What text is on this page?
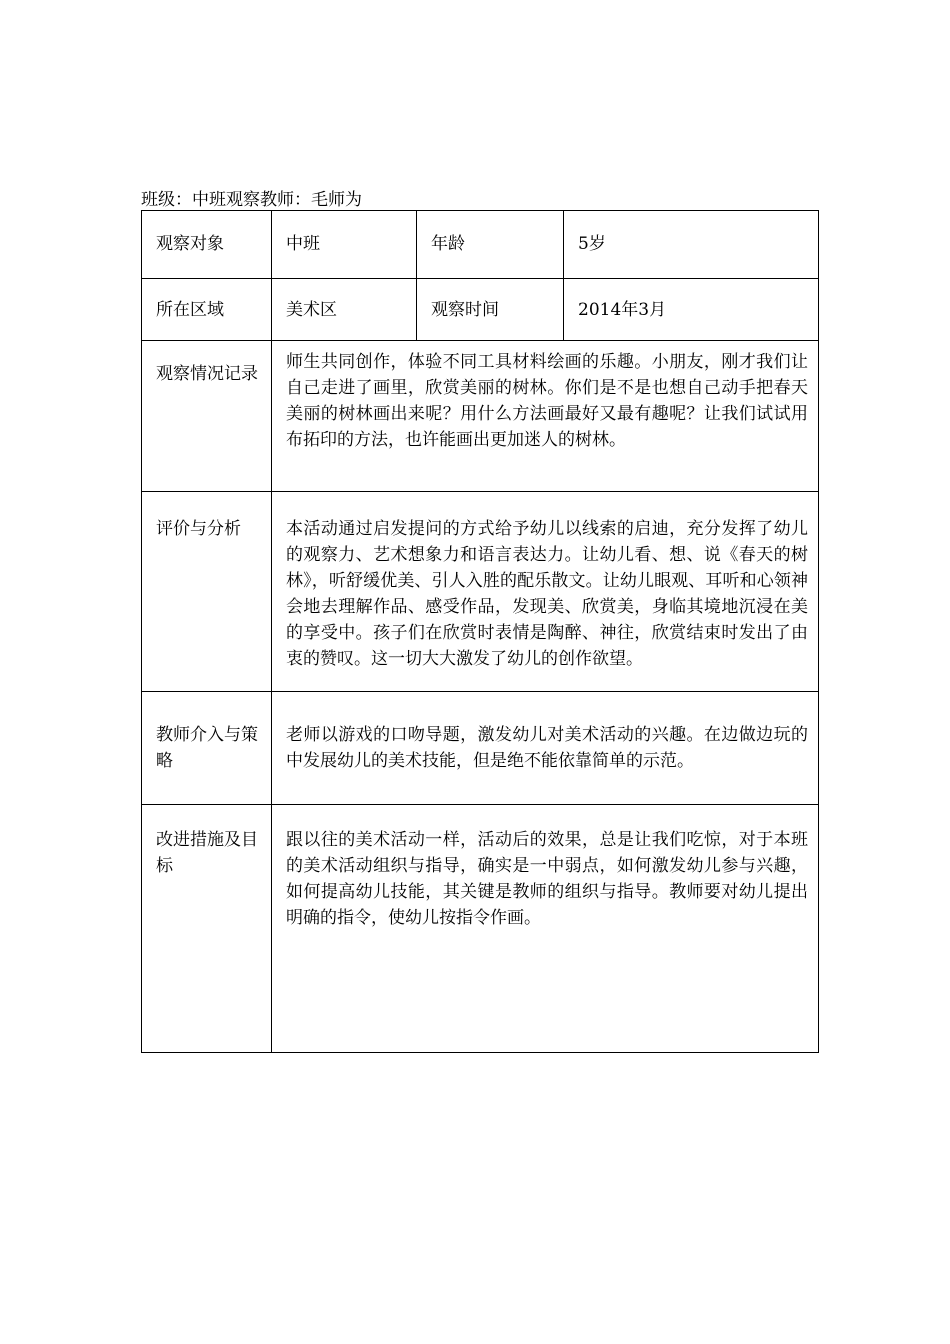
班级：中班观察教师：毛师为
观察对象	中班	年龄	5岁

所在区域	美术区	观察时间	2014年3月

观察情况记录	师生共同创作，体验不同工具材料绘画的乐趣。小朋友，刚才我们让自己走进了画里，欣赏美丽的树林。你们是不是也想自己动手把春天美丽的树林画出来呢？用什么方法画最好又最有趣呢？让我们试试用布拓印的方法，也许能画出更加迷人的树林。		

评价与分析	本活动通过启发提问的方式给予幼儿以线索的启迪，充分发挥了幼儿的观察力、艺术想象力和语言表达力。让幼儿看、想、说《春天的树林》，听舒缓优美、引人入胜的配乐散文。让幼儿眼观、耳听和心领神会地去理解作品、感受作品，发现美、欣赏美，身临其境地沉浸在美的享受中。孩子们在欣赏时表情是陶醉、神往，欣赏结束时发出了由衷的赞叹。这一切大大激发了幼儿的创作欲望。		

教师介入与策略	老师以游戏的口吻导题，激发幼儿对美术活动的兴趣。在边做边玩的中发展幼儿的美术技能，但是绝不能依靠简单的示范。		

改进措施及目标	跟以往的美术活动一样，活动后的效果，总是让我们吃惊，对于本班的美术活动组织与指导，确实是一中弱点，如何激发幼儿参与兴趣，如何提高幼儿技能，其关键是教师的组织与指导。教师要对幼儿提出明确的指令，使幼儿按指令作画。		
